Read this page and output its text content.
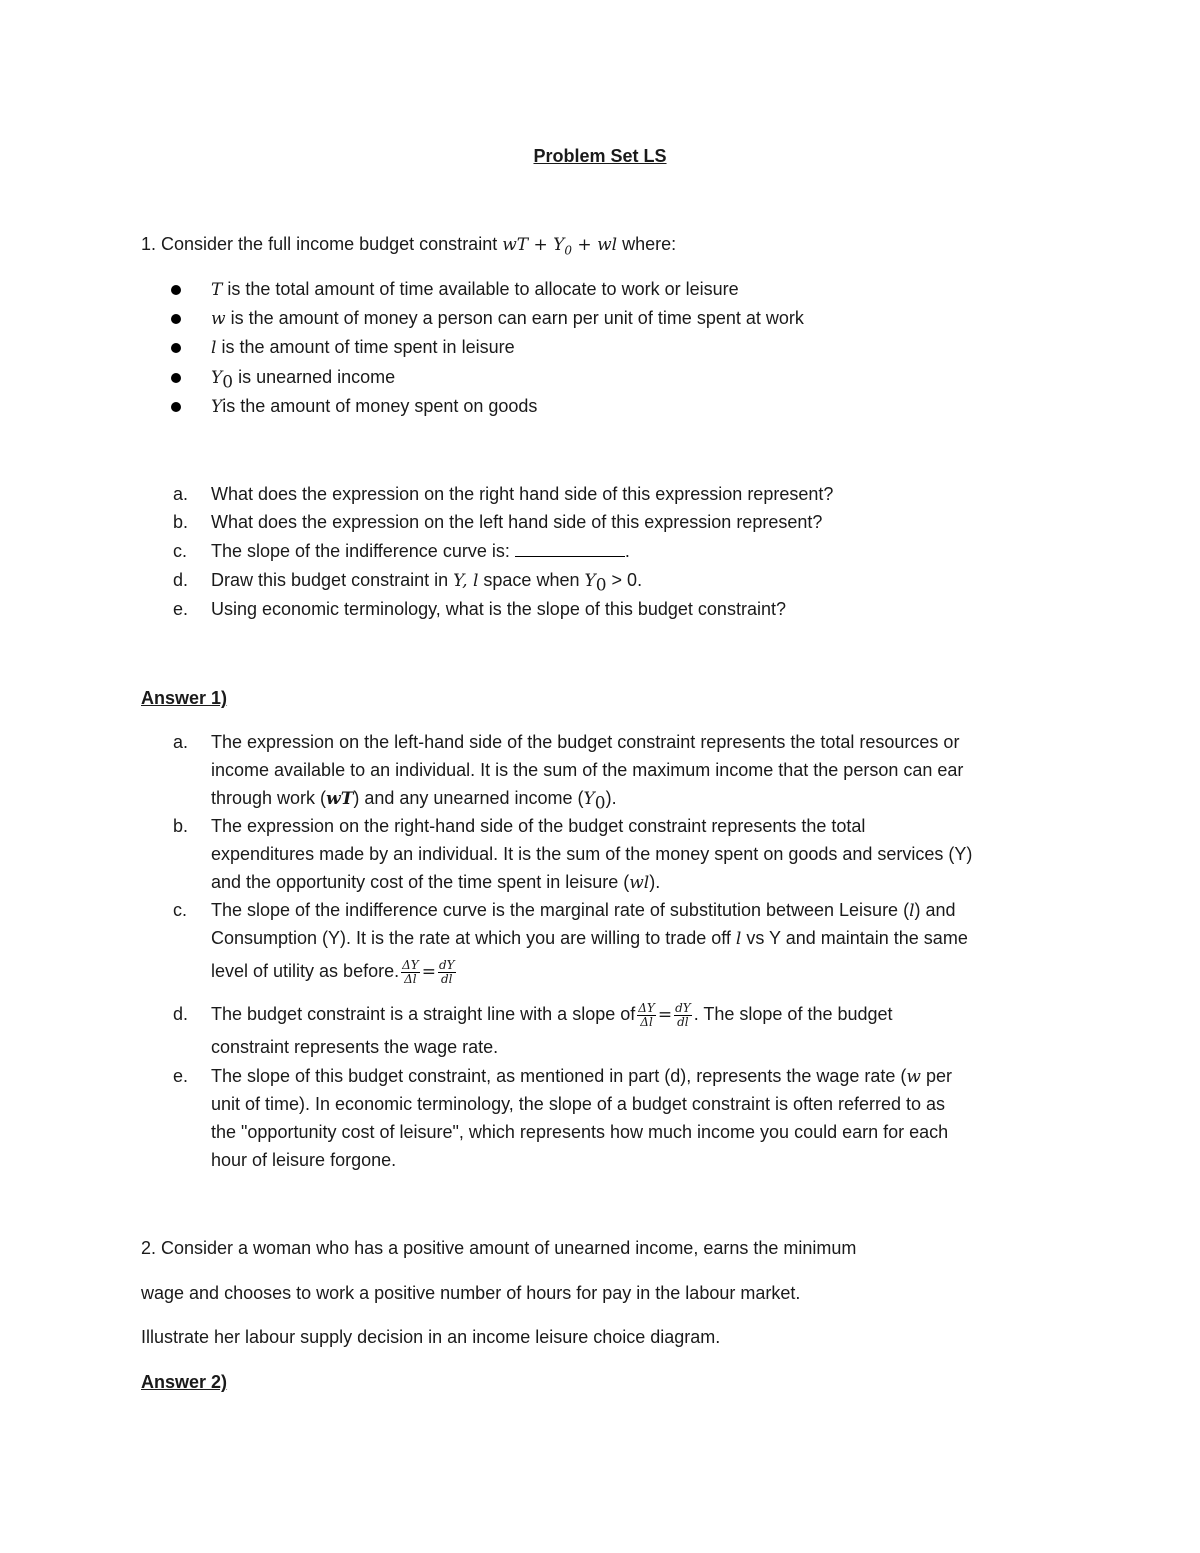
Problem Set LS
1. Consider the full income budget constraint wT + $Y_0$ + wl where:
T is the total amount of time available to allocate to work or leisure
w is the amount of money a person can earn per unit of time spent at work
l is the amount of time spent in leisure
$Y_0$ is unearned income
Yis the amount of money spent on goods
a. What does the expression on the right hand side of this expression represent?
b. What does the expression on the left hand side of this expression represent?
c. The slope of the indifference curve is:	.
d. Draw this budget constraint in Y, l space when $Y_0 > 0$.
e. Using economic terminology, what is the slope of this budget constraint?
Answer 1)
a. The expression on the left-hand side of the budget constraint represents the total resources or
income available to an individual. It is the sum of the maximum income that the person can ear
through work (wT) and any unearned income $(Y_0)$.
b. The expression on the right-hand side of the budget constraint represents the total
expenditures made by an individual. It is the sum of the money spent on goods and services (Y)
and the opportunity cost of the time spent in leisure (wl).
c. The slope of the indifference curve is the marginal rate of substitution between Leisure (l) and
Consumption (Y). It is the rate at which you are willing to trade off l vs Y and maintain the same
level of utility as before. $\frac{\Delta Y}{\Delta l} = \frac{dY}{dl}$
d. The budget constraint is a straight line with a slope of $\frac{\Delta Y}{\Delta l} = \frac{dY}{dl}$ . The slope of the budget
constraint represents the wage rate.
e. The slope of this budget constraint, as mentioned in part (d), represents the wage rate (w per
unit of time). In economic terminology, the slope of a budget constraint is often referred to as
the "opportunity cost of leisure", which represents how much income you could earn for each
hour of leisure forgone.
2. Consider a woman who has a positive amount of unearned income, earns the minimum
wage and chooses to work a positive number of hours for pay in the labour market.
Illustrate her labour supply decision in an income leisure choice diagram.
Answer 2)
